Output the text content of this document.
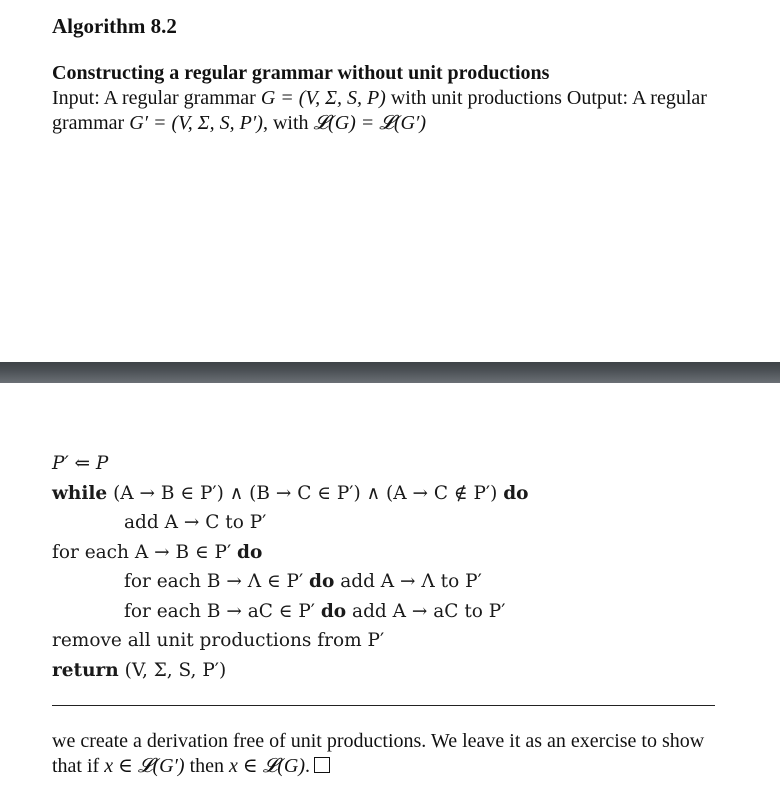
Algorithm 8.2
Constructing a regular grammar without unit productions
Input: A regular grammar G = (V, Σ, S, P) with unit productions Output: A regular grammar G′ = (V, Σ, S, P′), with 𝓛(G) = 𝓛(G′)
P′ ⇐ P
while (A → B ∈ P′) ∧ (B → C ∈ P′) ∧ (A → C ∉ P′) do
add A → C to P′
for each A → B ∈ P′ do
for each B → Λ ∈ P′ do add A → Λ to P′
for each B → aC ∈ P′ do add A → aC to P′
remove all unit productions from P′
return (V, Σ, S, P′)
we create a derivation free of unit productions. We leave it as an exercise to show that if x ∈ 𝓛(G′) then x ∈ 𝓛(G).
